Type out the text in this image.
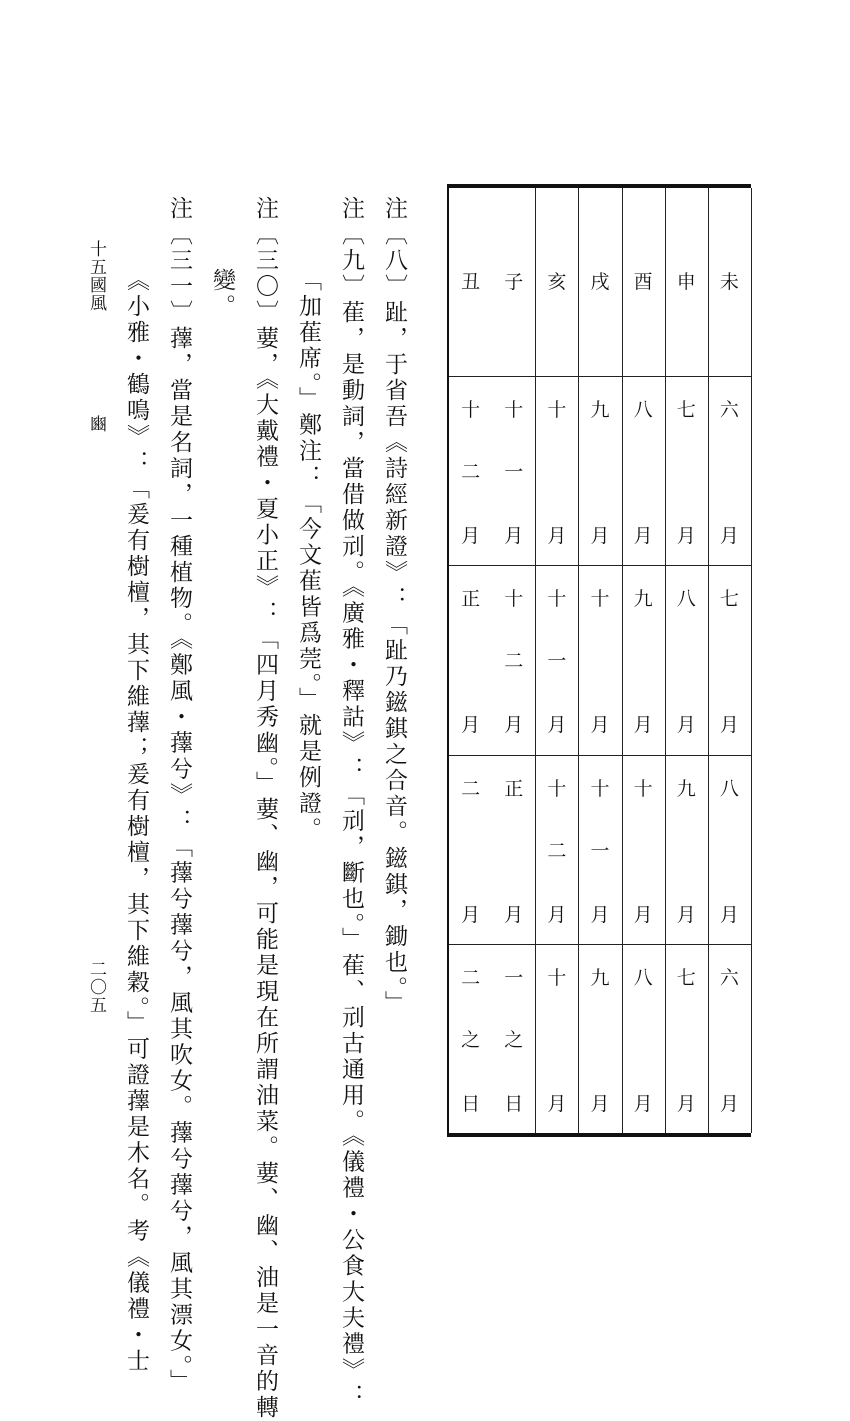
未
六
月
七
月
八
月
六
月
申
七
月
八
月
九
月
七
月
酉
八
月
九
月
十
月
八
月
戌
九
月
十
月
十
一
月
九
月
亥
十
月
十
一
月
十
二
月
十
月
子
十
一
月
十
二
月
正
月
一
之
日
丑
十
二
月
正
月
二
月
二
之
日
注〔八〕趾，于省吾《詩經新證》：「趾乃鎡錤之合音。鎡錤，鋤也。」
注〔九〕萑，是動詞，當借做刓。《廣雅・釋詁》：「刓，斷也。」萑、刓古通用。《儀禮・公食大夫禮》：
「加萑席。」鄭注：「今文萑皆爲莞。」就是例證。
注〔三〇〕葽，《大戴禮・夏小正》：「四月秀幽。」葽、幽，可能是現在所謂油菜。葽、幽、油是一音的轉
變。
注〔三一〕蘀，當是名詞，一種植物。《鄭風・蘀兮》：「蘀兮蘀兮，風其吹女。蘀兮蘀兮，風其漂女。」
《小雅・鶴鳴》：「爰有樹檀，其下維蘀；爰有樹檀，其下維穀。」可證蘀是木名。考《儀禮・士
十五國風
豳
二〇五
